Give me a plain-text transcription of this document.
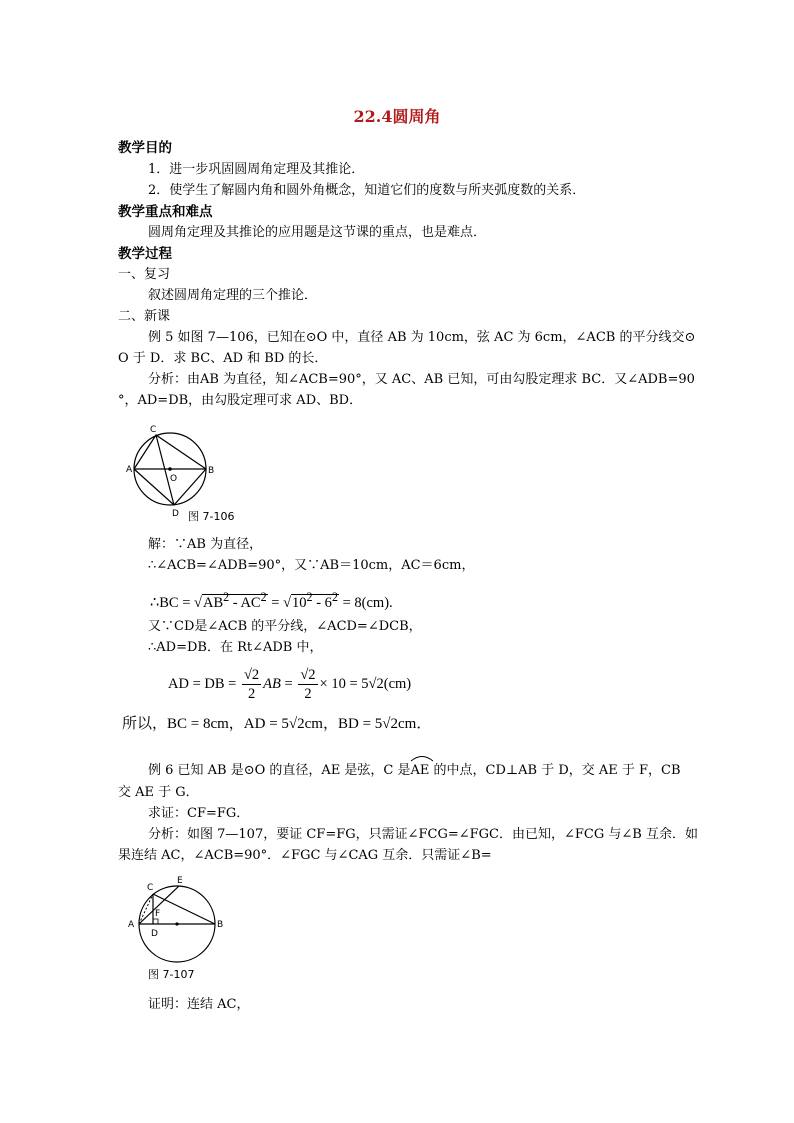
22.4圆周角
教学目的
1．进一步巩固圆周角定理及其推论．
2．使学生了解圆内角和圆外角概念，知道它们的度数与所夹弧度数的关系．
教学重点和难点
圆周角定理及其推论的应用题是这节课的重点，也是难点．
教学过程
一、复习
叙述圆周角定理的三个推论．
二、新课
例 5 如图 7—106，已知在⊙O 中，直径 AB 为 10cm，弦 AC 为 6cm，∠ACB 的平分线交⊙
O 于 D．求 BC、AD 和 BD 的长．
分析：由AB 为直径，知∠ACB=90°，又 AC、AB 已知，可由勾股定理求 BC．又∠ADB=90
°，AD=DB，由勾股定理可求 AD、BD．
C
A
O
B
D 图 7-106
解：∵AB 为直径，
∴∠ACB=∠ADB=90°，又∵AB＝10cm，AC＝6cm，
∴BC = $√AB^2 - AC^2 = √10^2 - 6^2 = 8(cm)$.
又∵CD是∠ACB 的平分线，∠ACD=∠DCB，
∴AD=DB．在 Rt∠ADB 中，
AD = DB = $\frac{√2}{2}$ AB = $\frac{√2}{2} \times 10 = 5√2(cm)$
所以，BC = 8cm，AD = 5√2cm，BD = 5√2cm．
例 6 已知 AB 是⊙O 的直径，AE 是弦，C 是
AE 的中点，CD⊥AB 于 D，交 AE 于 F，CB
交 AE 于 G．
求证：CF=FG．
分析：如图 7—107，要证 CF=FG，只需证∠FCG=∠FGC．由已知，∠FCG 与∠B 互余．如
果连结 AC，∠ACB=90°．∠FGC 与∠CAG 互余．只需证∠B=
C
E
A
F
D
B
图 7-107
证明：连结 AC，
